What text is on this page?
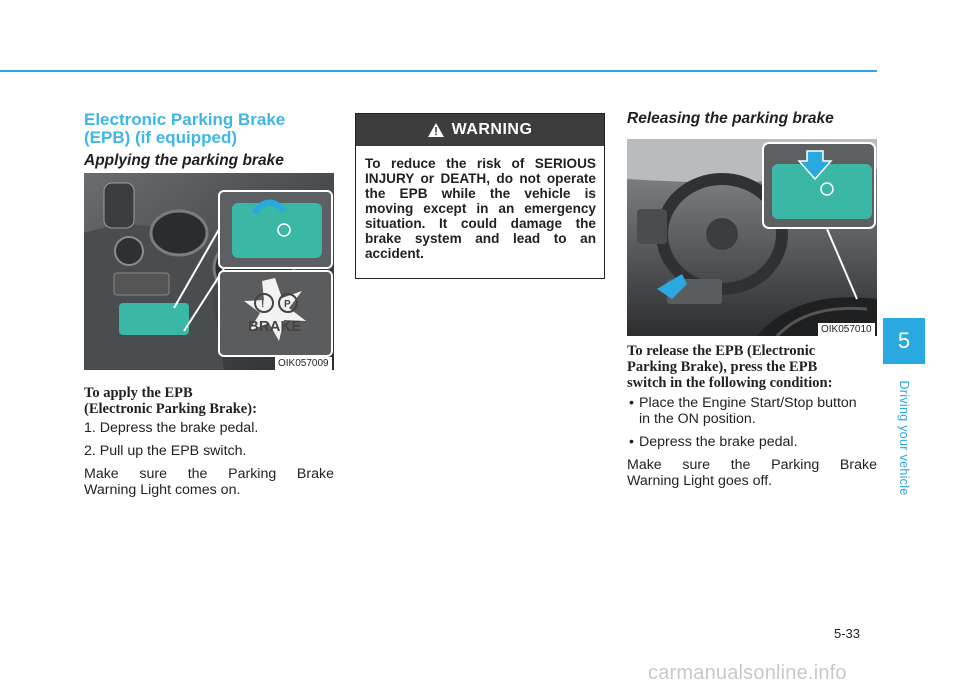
Electronic Parking Brake
(EPB) (if equipped)
Applying the parking brake
! P
BRAKE
OIK057009
To apply the EPB
(Electronic Parking Brake):

1. Depress the brake pedal.

2. Pull up the EPB switch.

Make sure the Parking Brake

Warning Light comes on.

WARNING
To reduce the risk of SERIOUS INJURY or DEATH, do not operate the EPB while the vehicle is moving except in an emergency situation. It could damage the brake system and lead to an accident.
Releasing the parking brake
OIK057010
To release the EPB (Electronic
Parking Brake), press the EPB
switch in the following condition:
• Place the Engine Start/Stop button

in the ON position.

• Depress the brake pedal.

Make sure the Parking Brake

Warning Light goes off.

5
Driving your vehicle
5-33
carmanualsonline.info
